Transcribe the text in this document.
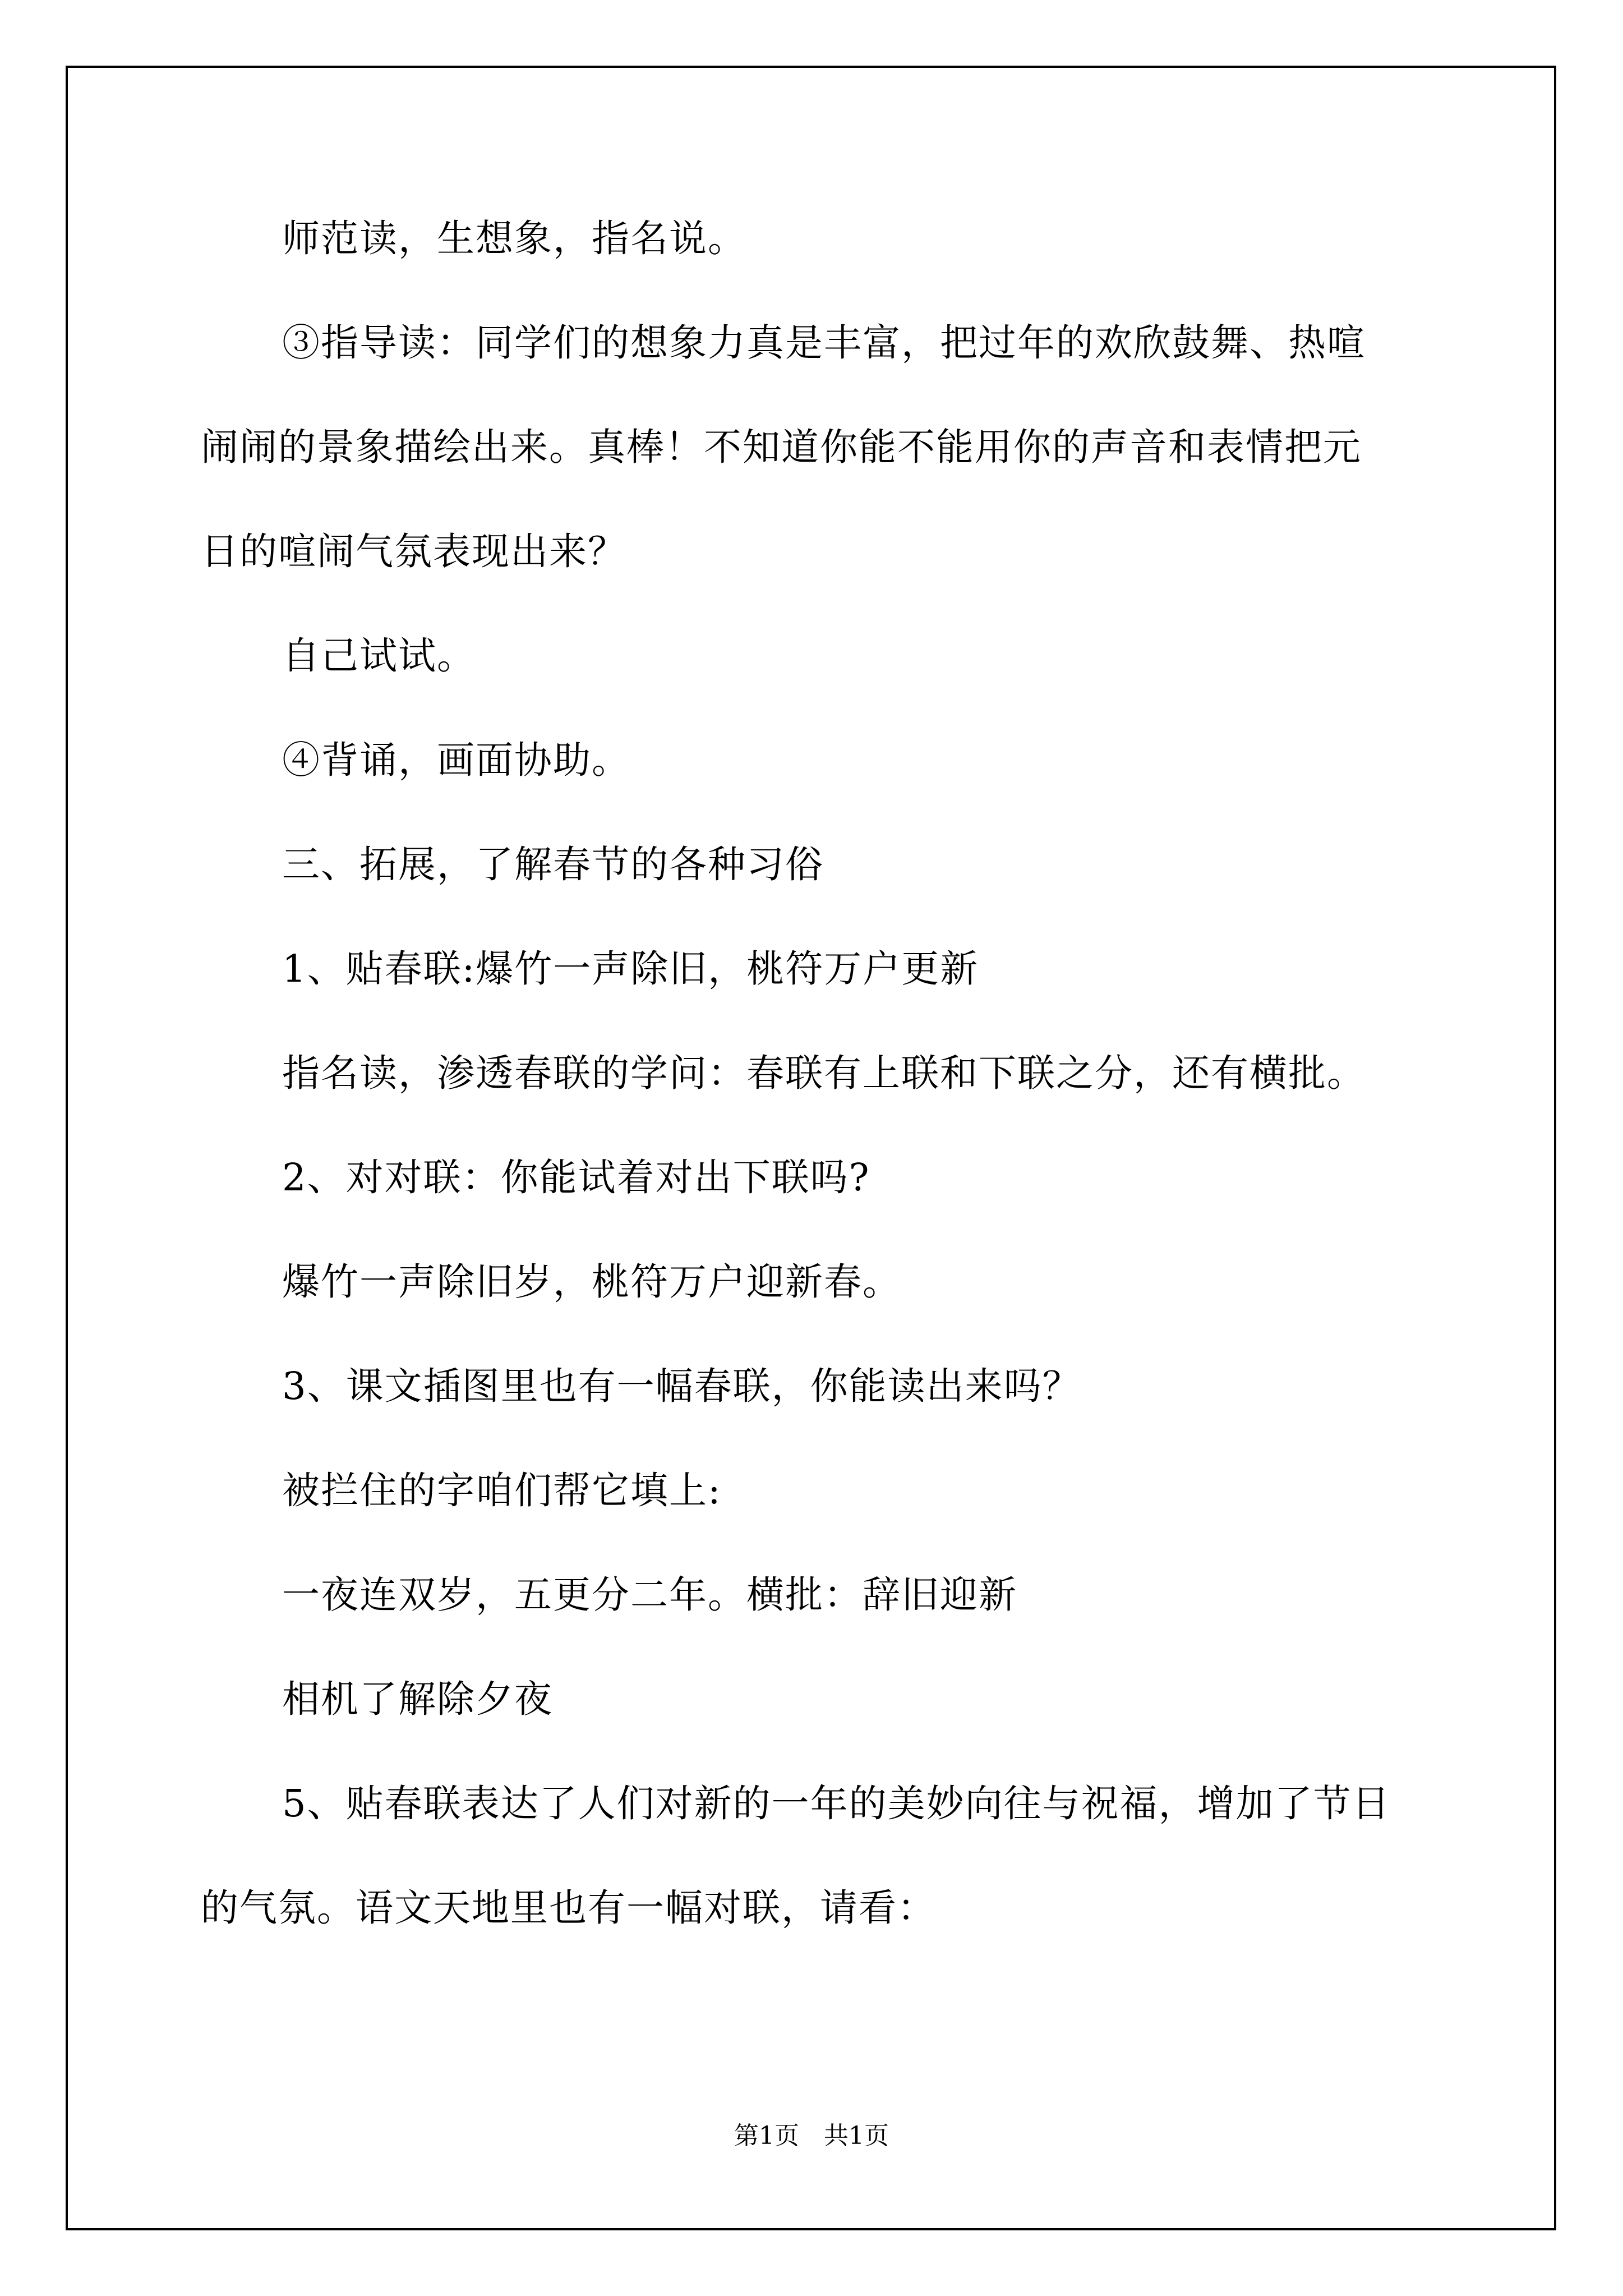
师范读，生想象，指名说。

③指导读：同学们的想象力真是丰富，把过年的欢欣鼓舞、热喧

闹闹的景象描绘出来。真棒！不知道你能不能用你的声音和表情把元

日的喧闹气氛表现出来？

自己试试。

④背诵，画面协助。

三、拓展，了解春节的各种习俗

1、贴春联:爆竹一声除旧，桃符万户更新

指名读，渗透春联的学问：春联有上联和下联之分，还有横批。

2、对对联：你能试着对出下联吗?

爆竹一声除旧岁，桃符万户迎新春。

3、课文插图里也有一幅春联，你能读出来吗？

被拦住的字咱们帮它填上:

一夜连双岁，五更分二年。横批：辞旧迎新

相机了解除夕夜

5、贴春联表达了人们对新的一年的美妙向往与祝福，增加了节日

的气氛。语文天地里也有一幅对联，请看：

第1页　共1页
